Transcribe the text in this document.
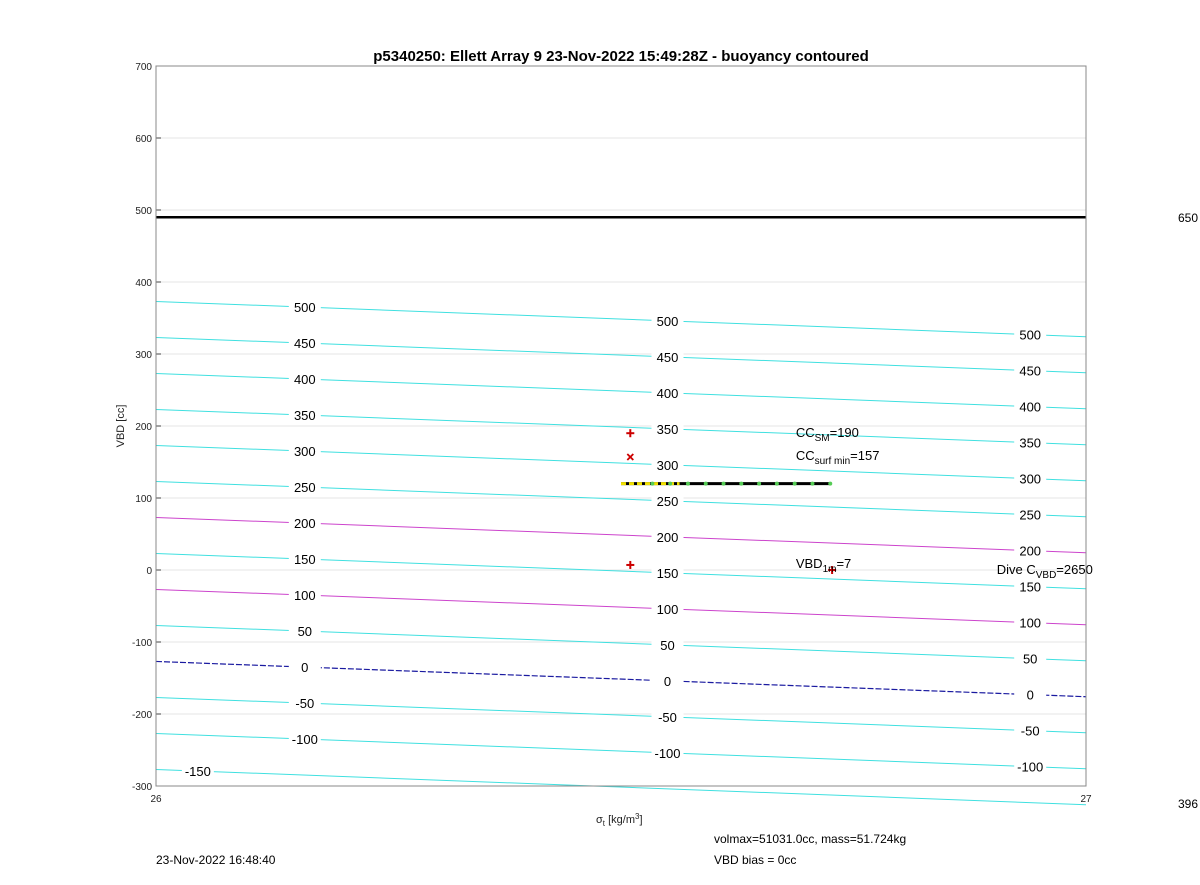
p5340250: Ellett Array 9 23-Nov-2022 15:49:28Z - buoyancy contoured
500
500
500
450
450
450
400
400
400
350
350
350
300
300
300
250
250
250
200
200
200
150
150
150
100
100
100
50
50
50
0
0
0
-50
-50
-50
-100
-100
-100
-150
$CC_{SM}=190$
$CC_{surf min}=157$
$VBD_{1m}=7$	Dive $C_{VBD}=2650$
700
600
500
400
300
200
100
0
-100
-200
-300
26	27
VBD [cc]
$\sigma_t$ $[kg/m^3]$
650
396
volmax=51031.0cc, mass=51.724kg
VBD bias = 0cc
23-Nov-2022 16:48:40
